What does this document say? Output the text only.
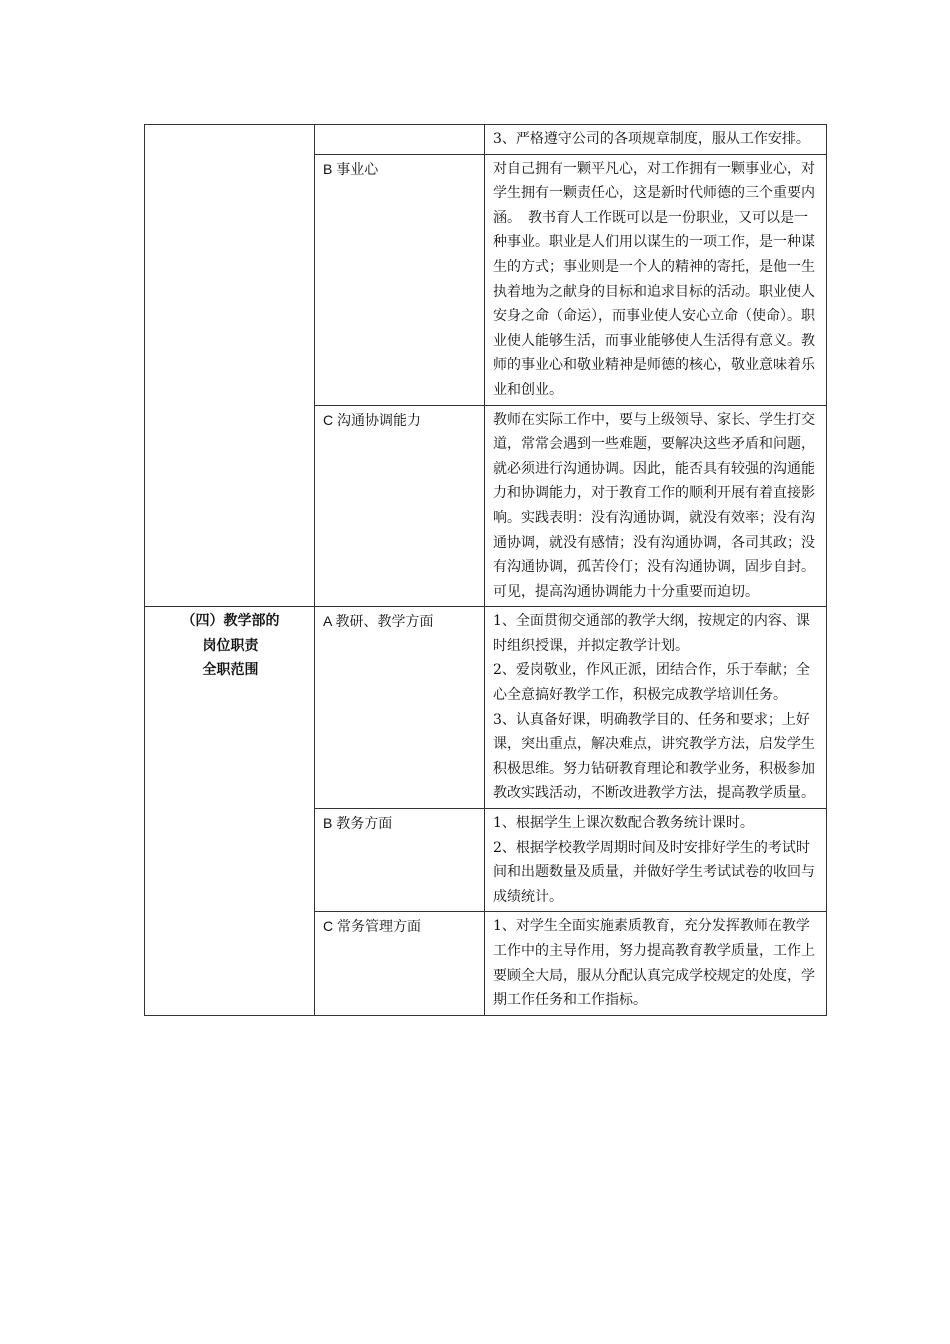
		3、严格遵守公司的各项规章制度，服从工作安排。

	B 事业心	对自己拥有一颗平凡心，对工作拥有一颗事业心，对学生拥有一颗责任心，这是新时代师德的三个重要内涵。　教书育人工作既可以是一份职业，又可以是一种事业。职业是人们用以谋生的一项工作，是一种谋生的方式；事业则是一个人的精神的寄托，是他一生执着地为之献身的目标和追求目标的活动。职业使人安身之命（命运），而事业使人安心立命（使命）。职业使人能够生活，而事业能够使人生活得有意义。教师的事业心和敬业精神是师德的核心，敬业意味着乐业和创业。

	C 沟通协调能力	教师在实际工作中，要与上级领导、家长、学生打交道，常常会遇到一些难题，要解决这些矛盾和问题，就必须进行沟通协调。因此，能否具有较强的沟通能力和协调能力，对于教育工作的顺利开展有着直接影响。实践表明：没有沟通协调，就没有效率；没有沟通协调，就没有感情；没有沟通协调，各司其政；没有沟通协调，孤苦伶仃；没有沟通协调，固步自封。可见，提高沟通协调能力十分重要而迫切。

（四）教学部的
岗位职责
全职范围	A 教研、教学方面	1、全面贯彻交通部的教学大纲，按规定的内容、课时组织授课，并拟定教学计划。
2、爱岗敬业，作风正派，团结合作，乐于奉献；全心全意搞好教学工作，积极完成教学培训任务。
3、认真备好课，明确教学目的、任务和要求；上好课，突出重点，解决难点，讲究教学方法，启发学生积极思维。努力钻研教育理论和教学业务，积极参加教改实践活动，不断改进教学方法，提高教学质量。

	B 教务方面	1、根据学生上课次数配合教务统计课时。
2、根据学校教学周期时间及时安排好学生的考试时间和出题数量及质量，并做好学生考试试卷的收回与成绩统计。

	C 常务管理方面	1、对学生全面实施素质教育，充分发挥教师在教学工作中的主导作用，努力提高教育教学质量，工作上要顾全大局，服从分配认真完成学校规定的处度，学期工作任务和工作指标。
